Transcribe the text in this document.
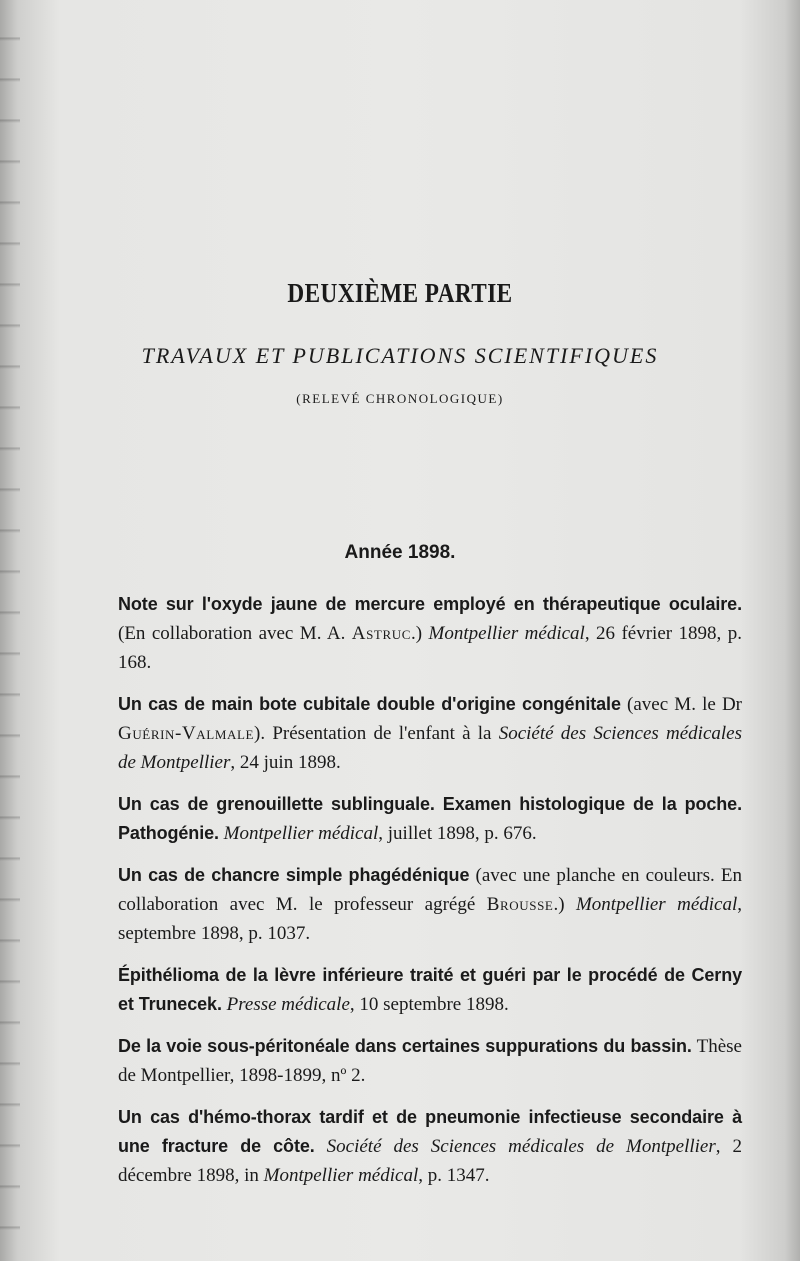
DEUXIÈME PARTIE
TRAVAUX ET PUBLICATIONS SCIENTIFIQUES
(RELEVÉ CHRONOLOGIQUE)
Année 1898.

Note sur l'oxyde jaune de mercure employé en thérapeutique oculaire. (En collaboration avec M. A. Astruc.) Montpellier médical, 26 février 1898, p. 168.

Un cas de main bote cubitale double d'origine congénitale (avec M. le Dr Guérin-Valmale). Présentation de l'enfant à la Société des Sciences médicales de Montpellier, 24 juin 1898.

Un cas de grenouillette sublinguale. Examen histologique de la poche. Pathogénie. Montpellier médical, juillet 1898, p. 676.

Un cas de chancre simple phagédénique (avec une planche en couleurs. En collaboration avec M. le professeur agrégé Brousse.) Montpellier médical, septembre 1898, p. 1037.

Épithélioma de la lèvre inférieure traité et guéri par le procédé de Cerny et Trunecek. Presse médicale, 10 septembre 1898.

De la voie sous-péritonéale dans certaines suppurations du bassin. Thèse de Montpellier, 1898-1899, nº 2.

Un cas d'hémo-thorax tardif et de pneumonie infectieuse secondaire à une fracture de côte. Société des Sciences médicales de Montpellier, 2 décembre 1898, in Montpellier médical, p. 1347.
